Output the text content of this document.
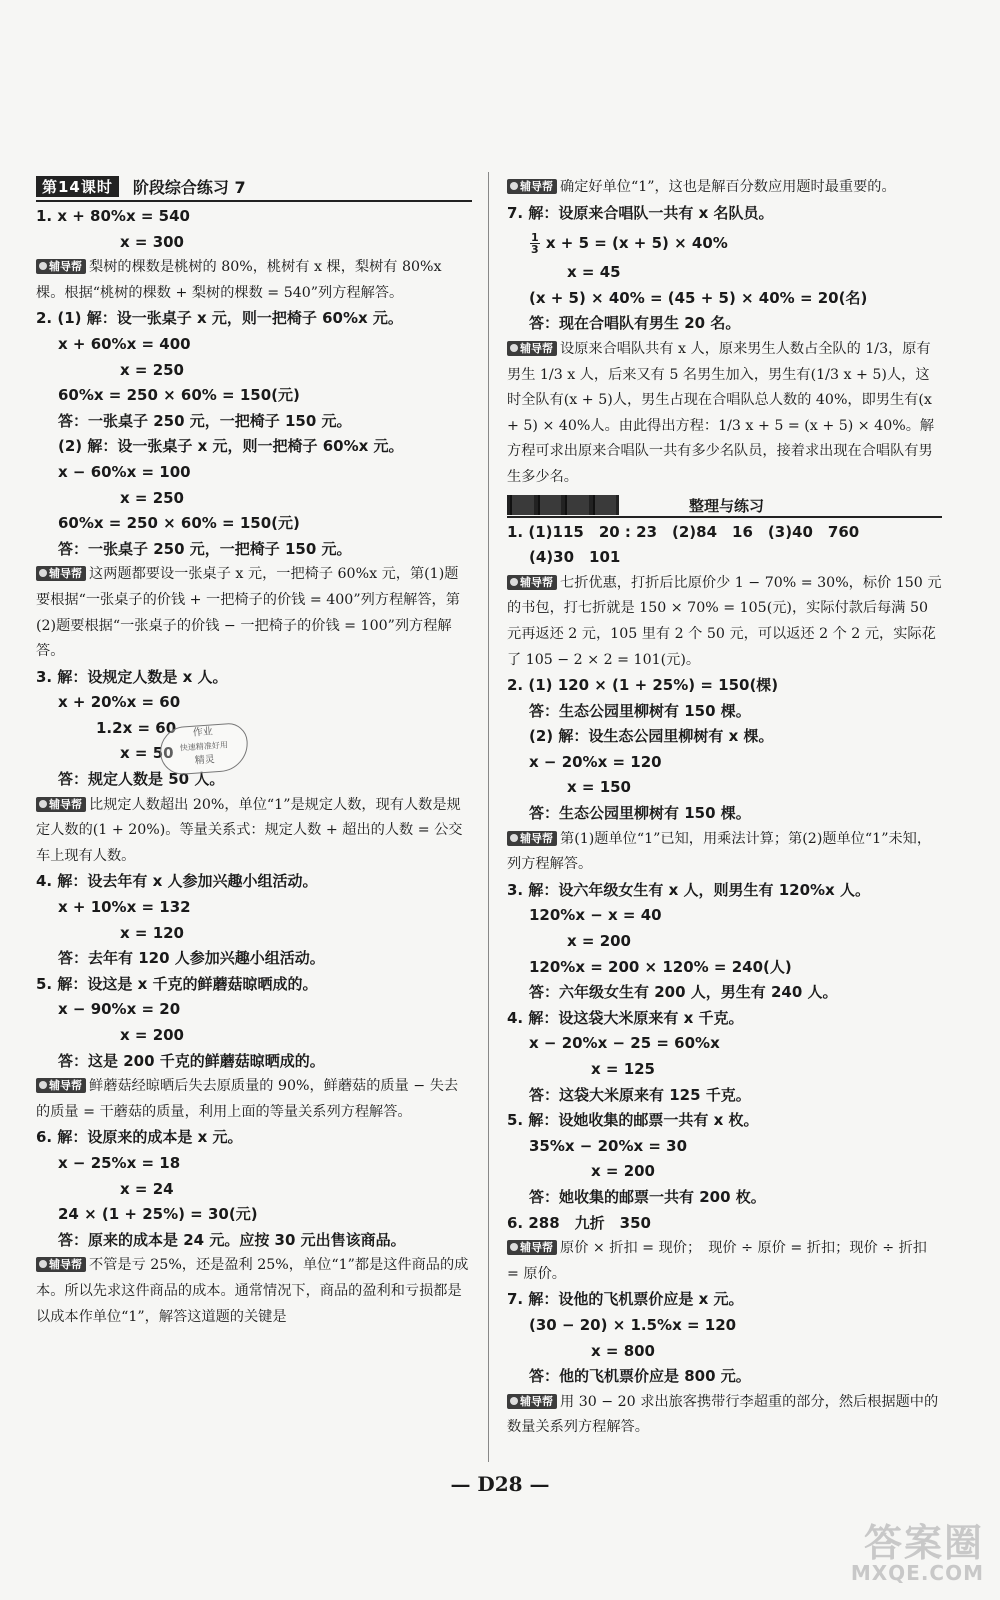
第14课时	阶段综合练习 7
1. x + 80%x = 540
x = 300
辅导帮 梨树的棵数是桃树的 80%，桃树有 x 棵，梨树有 80%x 棵。根据“桃树的棵数 + 梨树的棵数 = 540”列方程解答。
2. (1) 解：设一张桌子 x 元，则一把椅子 60%x 元。
x + 60%x = 400
x = 250
60%x = 250 × 60% = 150(元)
答：一张桌子 250 元，一把椅子 150 元。
(2) 解：设一张桌子 x 元，则一把椅子 60%x 元。
x − 60%x = 100
x = 250
60%x = 250 × 60% = 150(元)
答：一张桌子 250 元，一把椅子 150 元。
辅导帮 这两题都要设一张桌子 x 元，一把椅子 60%x 元，第(1)题要根据“一张桌子的价钱 + 一把椅子的价钱 = 400”列方程解答，第(2)题要根据“一张桌子的价钱 − 一把椅子的价钱 = 100”列方程解答。
3. 解：设规定人数是 x 人。
x + 20%x = 60
1.2x = 60
x = 50
答：规定人数是 50 人。
辅导帮 比规定人数超出 20%，单位“1”是规定人数，现有人数是规定人数的(1 + 20%)。等量关系式：规定人数 + 超出的人数 = 公交车上现有人数。
4. 解：设去年有 x 人参加兴趣小组活动。
x + 10%x = 132
x = 120
答：去年有 120 人参加兴趣小组活动。
5. 解：设这是 x 千克的鲜蘑菇晾晒成的。
x − 90%x = 20
x = 200
答：这是 200 千克的鲜蘑菇晾晒成的。
辅导帮 鲜蘑菇经晾晒后失去原质量的 90%，鲜蘑菇的质量 − 失去的质量 = 干蘑菇的质量，利用上面的等量关系列方程解答。
6. 解：设原来的成本是 x 元。
x − 25%x = 18
x = 24
24 × (1 + 25%) = 30(元)
答：原来的成本是 24 元。应按 30 元出售该商品。
辅导帮 不管是亏 25%，还是盈利 25%，单位“1”都是这件商品的成本。所以先求这件商品的成本。通常情况下，商品的盈利和亏损都是以成本作单位“1”，解答这道题的关键是
作业
快速精准好用
精灵
辅导帮 确定好单位“1”，这也是解百分数应用题时最重要的。
7. 解：设原来合唱队一共有 x 名队员。
$\frac{1}{3}$ x + 5 = (x + 5) × 40%
x = 45
(x + 5) × 40% = (45 + 5) × 40% = 20(名)
答：现在合唱队有男生 20 名。
辅导帮 设原来合唱队共有 x 人，原来男生人数占全队的 1/3，原有男生 1/3 x 人，后来又有 5 名男生加入，男生有(1/3 x + 5)人，这时全队有(x + 5)人，男生占现在合唱队总人数的 40%，即男生有(x + 5) × 40%人。由此得出方程：1/3 x + 5 = (x + 5) × 40%。解方程可求出原来合唱队一共有多少名队员，接着求出现在合唱队有男生多少名。
整理与练习
1. (1)115　20 : 23　(2)84　16　(3)40　760
(4)30　101
辅导帮 七折优惠，打折后比原价少 1 − 70% = 30%，标价 150 元的书包，打七折就是 150 × 70% = 105(元)，实际付款后每满 50 元再返还 2 元，105 里有 2 个 50 元，可以返还 2 个 2 元，实际花了 105 − 2 × 2 = 101(元)。
2. (1) 120 × (1 + 25%) = 150(棵)
答：生态公园里柳树有 150 棵。
(2) 解：设生态公园里柳树有 x 棵。
x − 20%x = 120
x = 150
答：生态公园里柳树有 150 棵。
辅导帮 第(1)题单位“1”已知，用乘法计算；第(2)题单位“1”未知，列方程解答。
3. 解：设六年级女生有 x 人，则男生有 120%x 人。
120%x − x = 40
x = 200
120%x = 200 × 120% = 240(人)
答：六年级女生有 200 人，男生有 240 人。
4. 解：设这袋大米原来有 x 千克。
x − 20%x − 25 = 60%x
x = 125
答：这袋大米原来有 125 千克。
5. 解：设她收集的邮票一共有 x 枚。
35%x − 20%x = 30
x = 200
答：她收集的邮票一共有 200 枚。
6. 288　九折　350
辅导帮 原价 × 折扣 = 现价；　现价 ÷ 原价 = 折扣；现价 ÷ 折扣 = 原价。
7. 解：设他的飞机票价应是 x 元。
(30 − 20) × 1.5%x = 120
x = 800
答：他的飞机票价应是 800 元。
辅导帮 用 30 − 20 求出旅客携带行李超重的部分，然后根据题中的数量关系列方程解答。
— D28 —
答案圈
MXQE.COM
